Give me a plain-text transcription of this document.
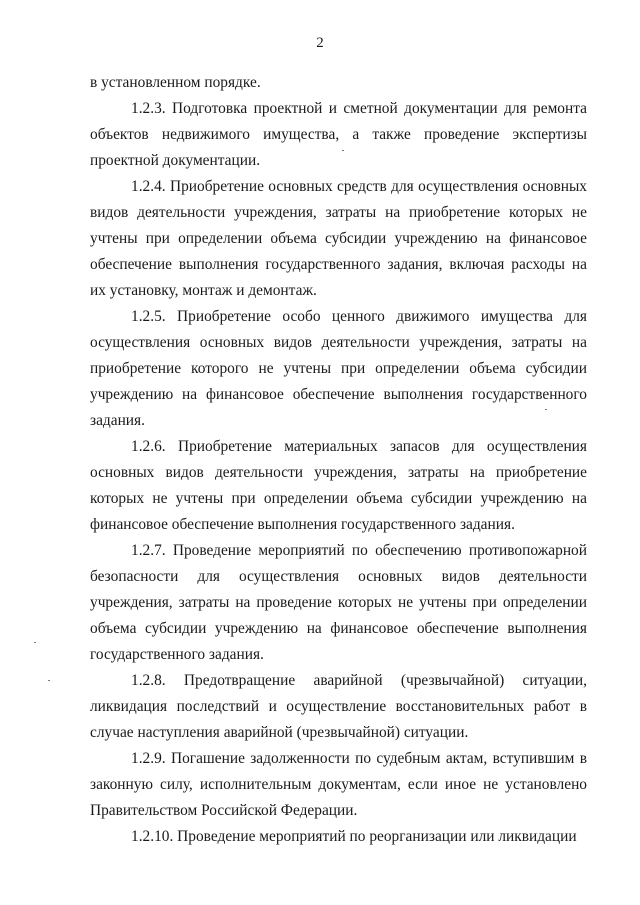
2

в установленном порядке.

1.2.3. Подготовка проектной и сметной документации для ремонта объектов недвижимого имущества, а также проведение экспертизы проектной документации.

1.2.4. Приобретение основных средств для осуществления основных видов деятельности учреждения, затраты на приобретение которых не учтены при определении объема субсидии учреждению на финансовое обеспечение выполнения государственного задания, включая расходы на их установку, монтаж и демонтаж.

1.2.5. Приобретение особо ценного движимого имущества для осуществления основных видов деятельности учреждения, затраты на приобретение которого не учтены при определении объема субсидии учреждению на финансовое обеспечение выполнения государственного задания.

1.2.6. Приобретение материальных запасов для осуществления основных видов деятельности учреждения, затраты на приобретение которых не учтены при определении объема субсидии учреждению на финансовое обеспечение выполнения государственного задания.

1.2.7. Проведение мероприятий по обеспечению противопожарной безопасности для осуществления основных видов деятельности учреждения, затраты на проведение которых не учтены при определении объема субсидии учреждению на финансовое обеспечение выполнения государственного задания.

1.2.8. Предотвращение аварийной (чрезвычайной) ситуации, ликвидация последствий и осуществление восстановительных работ в случае наступления аварийной (чрезвычайной) ситуации.

1.2.9. Погашение задолженности по судебным актам, вступившим в законную силу, исполнительным документам, если иное не установлено Правительством Российской Федерации.

1.2.10. Проведение мероприятий по реорганизации или ликвидации
